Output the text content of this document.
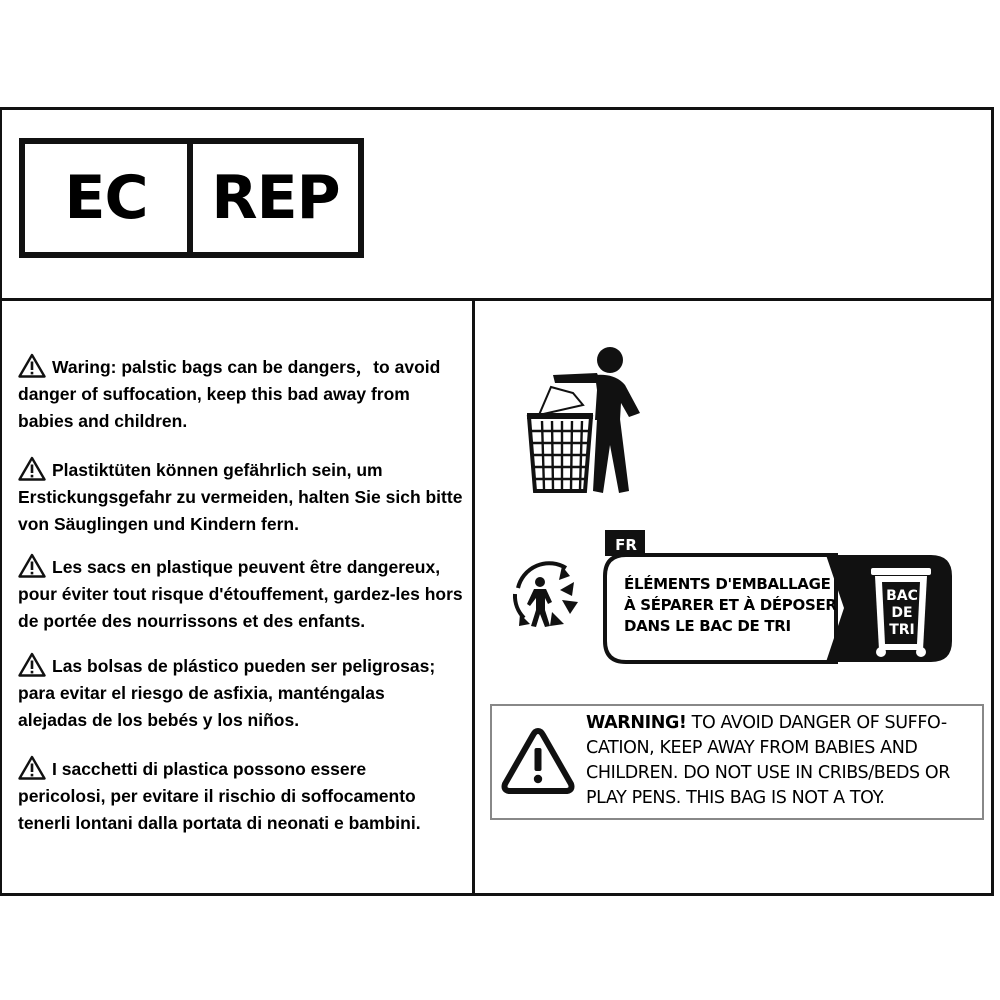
EC	REP
Waring: palstic bags can be dangers，to avoid danger of suffocation, keep this bad away from babies and children.
Plastiktüten können gefährlich sein, um Erstickungsgefahr zu vermeiden, halten Sie sich bitte von Säuglingen und Kindern fern.
Les sacs en plastique peuvent être dangereux, pour éviter tout risque d'étouffement, gardez-les hors de portée des nourrissons et des enfants.
Las bolsas de plástico pueden ser peligrosas; para evitar el riesgo de asfixia, manténgalas alejadas de los bebés y los niños.
I sacchetti di plastica possono essere pericolosi, per evitare il rischio di soffocamento tenerli lontani dalla portata di neonati e bambini.
FR
ÉLÉMENTS D'EMBALLAGE
À SÉPARER ET À DÉPOSER
DANS LE BAC DE TRI
BAC
DE
TRI
WARNING! TO AVOID DANGER OF SUFFO-CATION, KEEP AWAY FROM BABIES AND CHILDREN. DO NOT USE IN CRIBS/BEDS OR PLAY PENS. THIS BAG IS NOT A TOY.
